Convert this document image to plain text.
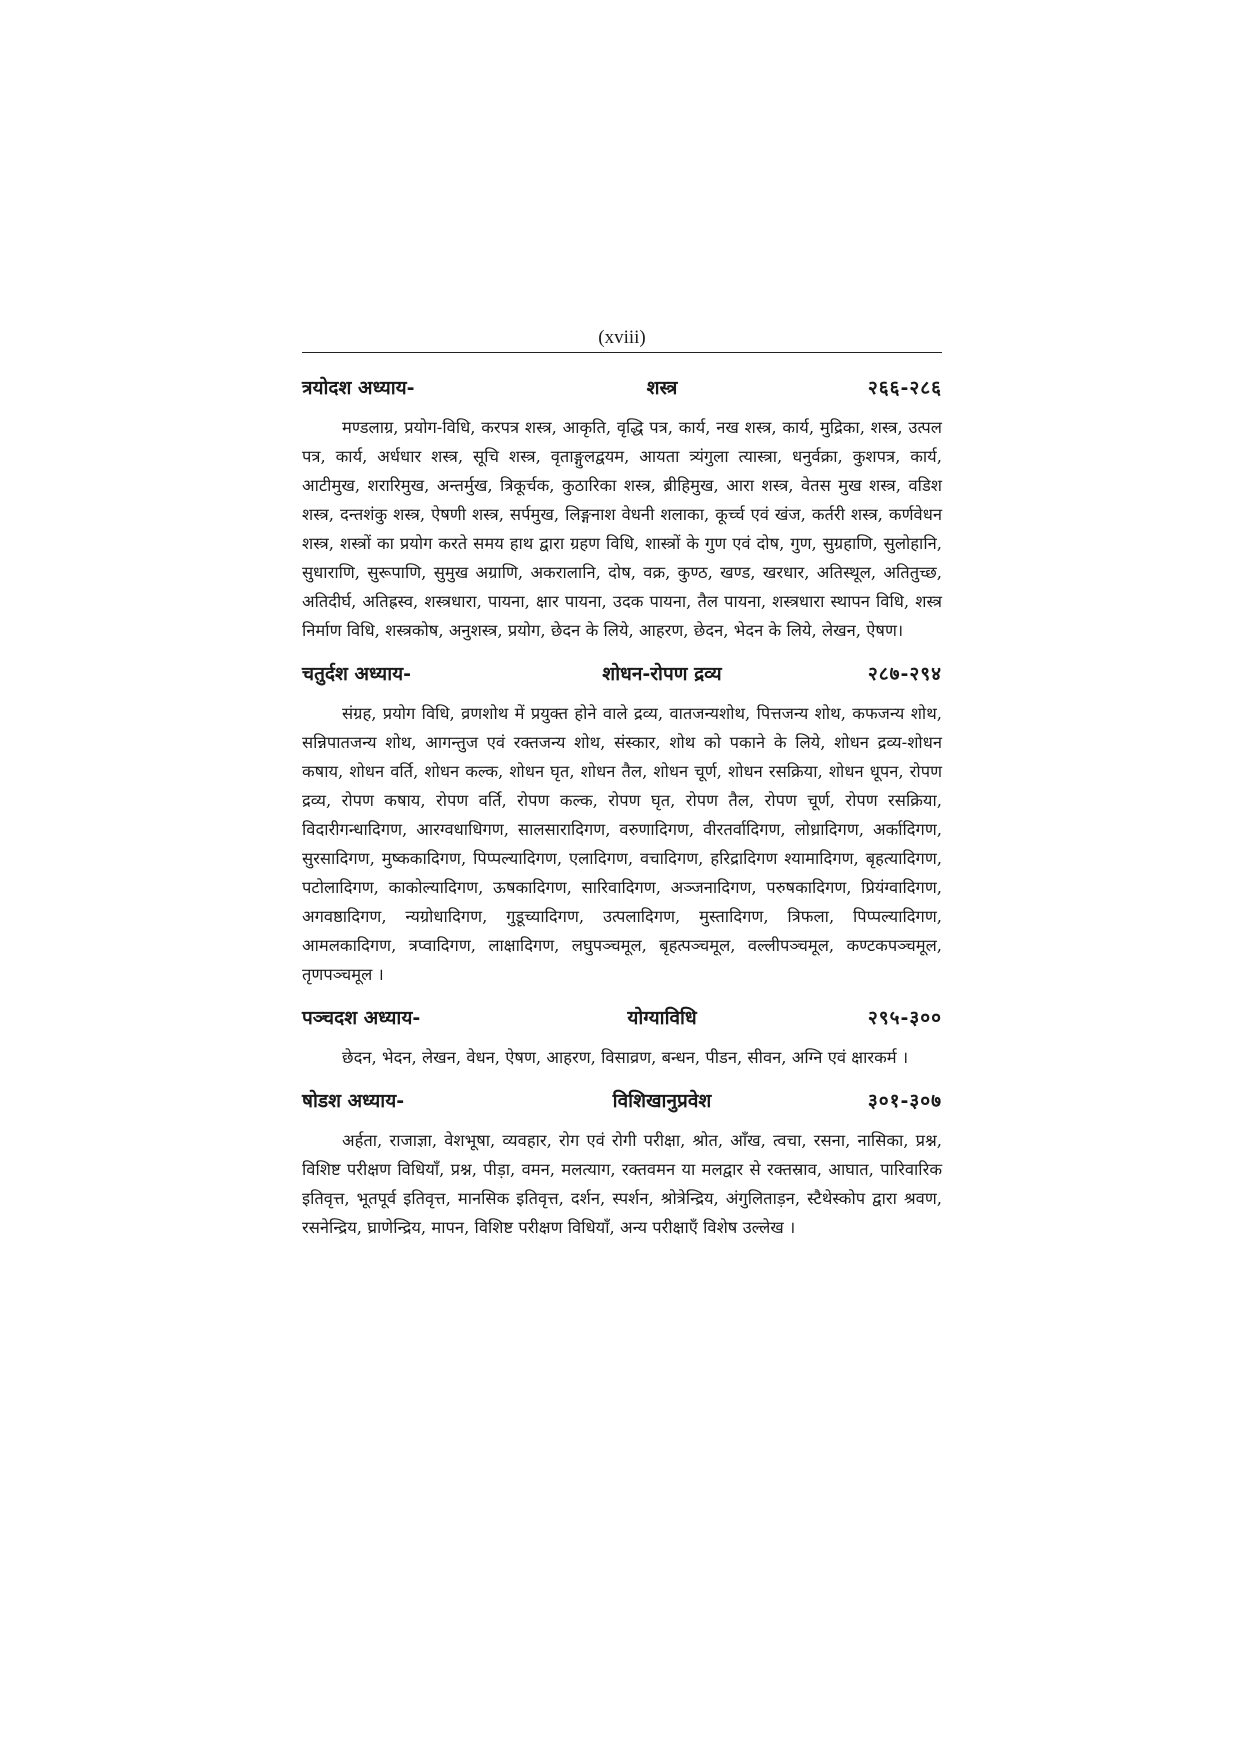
(xviii)
त्रयोदश अध्याय-	शस्त्र	२६६-२८६

मण्डलाग्र, प्रयोग-विधि, करपत्र शस्त्र, आकृति, वृद्धि पत्र, कार्य, नख शस्त्र, कार्य, मुद्रिका, शस्त्र, उत्पल पत्र, कार्य, अर्धधार शस्त्र, सूचि शस्त्र, वृताङ्गुलद्वयम, आयता त्र्यंगुला त्यास्त्रा, धनुर्वक्रा, कुशपत्र, कार्य, आटीमुख, शरारिमुख, अन्तर्मुख, त्रिकूर्चक, कुठारिका शस्त्र, ब्रीहिमुख, आरा शस्त्र, वेतस मुख शस्त्र, वडिश शस्त्र, दन्तशंकु शस्त्र, ऐषणी शस्त्र, सर्पमुख, लिङ्गनाश वेधनी शलाका, कूर्च्च एवं खंज, कर्तरी शस्त्र, कर्णवेधन शस्त्र, शस्त्रों का प्रयोग करते समय हाथ द्वारा ग्रहण विधि, शास्त्रों के गुण एवं दोष, गुण, सुग्रहाणि, सुलोहानि, सुधाराणि, सुरूपाणि, सुमुख अग्राणि, अकरालानि, दोष, वक्र, कुण्ठ, खण्ड, खरधार, अतिस्थूल, अतितुच्छ, अतिदीर्घ, अतिह्रस्व, शस्त्रधारा, पायना, क्षार पायना, उदक पायना, तैल पायना, शस्त्रधारा स्थापन विधि, शस्त्र निर्माण विधि, शस्त्रकोष, अनुशस्त्र, प्रयोग, छेदन के लिये, आहरण, छेदन, भेदन के लिये, लेखन, ऐषण।

चतुर्दश अध्याय-	शोधन-रोपण द्रव्य	२८७-२९४

संग्रह, प्रयोग विधि, व्रणशोथ में प्रयुक्त होने वाले द्रव्य, वातजन्यशोथ, पित्तजन्य शोथ, कफजन्य शोथ, सन्निपातजन्य शोथ, आगन्तुज एवं रक्तजन्य शोथ, संस्कार, शोथ को पकाने के लिये, शोधन द्रव्य-शोधन कषाय, शोधन वर्ति, शोधन कल्क, शोधन घृत, शोधन तैल, शोधन चूर्ण, शोधन रसक्रिया, शोधन धूपन, रोपण द्रव्य, रोपण कषाय, रोपण वर्ति, रोपण कल्क, रोपण घृत, रोपण तैल, रोपण चूर्ण, रोपण रसक्रिया, विदारीगन्धादिगण, आरग्वधाधिगण, सालसारादिगण, वरुणादिगण, वीरतर्वादिगण, लोध्रादिगण, अर्कादिगण, सुरसादिगण, मुष्ककादिगण, पिप्पल्यादिगण, एलादिगण, वचादिगण, हरिद्रादिगण श्यामादिगण, बृहत्यादिगण, पटोलादिगण, काकोल्यादिगण, ऊषकादिगण, सारिवादिगण, अञ्जनादिगण, परुषकादिगण, प्रियंग्वादिगण, अगवष्ठादिगण, न्यग्रोधादिगण, गुडूच्यादिगण, उत्पलादिगण, मुस्तादिगण, त्रिफला, पिप्पल्यादिगण, आमलकादिगण, त्रप्वादिगण, लाक्षादिगण, लघुपञ्चमूल, बृहत्पञ्चमूल, वल्लीपञ्चमूल, कण्टकपञ्चमूल, तृणपञ्चमूल ।

पञ्चदश अध्याय-	योग्याविधि	२९५-३००

छेदन, भेदन, लेखन, वेधन, ऐषण, आहरण, विसाव्रण, बन्धन, पीडन, सीवन, अग्नि एवं क्षारकर्म ।

षोडश अध्याय-	विशिखानुप्रवेश	३०१-३०७

अर्हता, राजाज्ञा, वेशभूषा, व्यवहार, रोग एवं रोगी परीक्षा, श्रोत, आँख, त्वचा, रसना, नासिका, प्रश्न, विशिष्ट परीक्षण विधियाँ, प्रश्न, पीड़ा, वमन, मलत्याग, रक्तवमन या मलद्वार से रक्तस्राव, आघात, पारिवारिक इतिवृत्त, भूतपूर्व इतिवृत्त, मानसिक इतिवृत्त, दर्शन, स्पर्शन, श्रोत्रेन्द्रिय, अंगुलिताड़न, स्टैथेस्कोप द्वारा श्रवण, रसनेन्द्रिय, घ्राणेन्द्रिय, मापन, विशिष्ट परीक्षण विधियाँ, अन्य परीक्षाएँ विशेष उल्लेख ।
